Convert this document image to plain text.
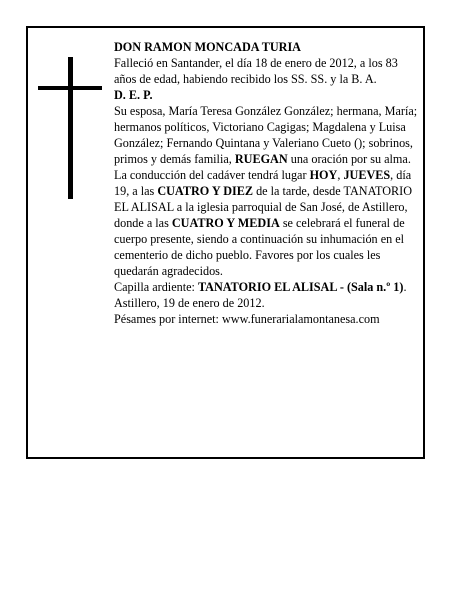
DON RAMON MONCADA TURIA

Falleció en Santander, el día 18 de enero de 2012, a los 83 años de edad, habiendo recibido los SS. SS. y la B. A.

D. E. P.

Su esposa, María Teresa González González; hermana, María; hermanos políticos, Victoriano Cagigas; Magdalena y Luisa González; Fernando Quintana y Valeriano Cueto (); sobrinos, primos y demás familia, RUEGAN una oración por su alma. La conducción del cadáver tendrá lugar HOY, JUEVES, día 19, a las CUATRO Y DIEZ de la tarde, desde TANATORIO EL ALISAL a la iglesia parroquial de San José, de Astillero, donde a las CUATRO Y MEDIA se celebrará el funeral de cuerpo presente, siendo a continuación su inhumación en el cementerio de dicho pueblo. Favores por los cuales les quedarán agradecidos.

Capilla ardiente: TANATORIO EL ALISAL - (Sala n.º 1).

Astillero, 19 de enero de 2012.

Pésames por internet: www.funerarialamontanesa.com
